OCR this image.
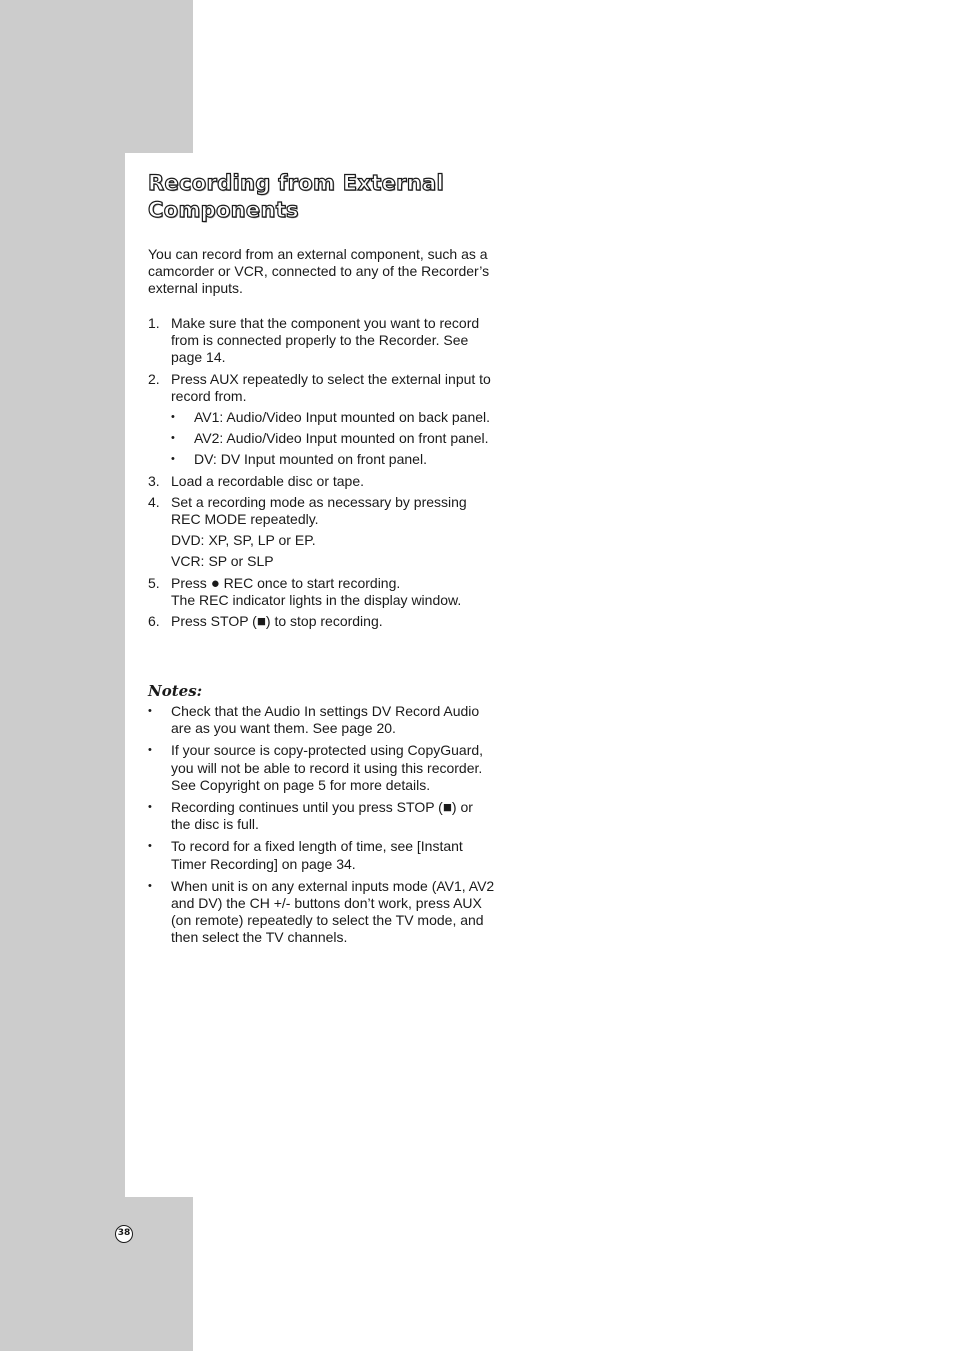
Recording from External
Components
You can record from an external component, such as a camcorder or VCR, connected to any of the Recorder’s external inputs.
1. Make sure that the component you want to record from is connected properly to the Recorder. See page 14.
2. Press AUX repeatedly to select the external input to record from.
• AV1: Audio/Video Input mounted on back panel.
• AV2: Audio/Video Input mounted on front panel.
• DV: DV Input mounted on front panel.
3. Load a recordable disc or tape.
4. Set a recording mode as necessary by pressing REC MODE repeatedly.
DVD: XP, SP, LP or EP.
VCR: SP or SLP
5. Press ● REC once to start recording.
The REC indicator lights in the display window.
6. Press STOP (■) to stop recording.
Notes:
• Check that the Audio In settings DV Record Audio are as you want them. See page 20.
• If your source is copy-protected using CopyGuard, you will not be able to record it using this recorder. See Copyright on page 5 for more details.
• Recording continues until you press STOP (■) or the disc is full.
• To record for a fixed length of time, see [Instant Timer Recording] on page 34.
• When unit is on any external inputs mode (AV1, AV2 and DV) the CH +/- buttons don’t work, press AUX (on remote) repeatedly to select the TV mode, and then select the TV channels.
38
